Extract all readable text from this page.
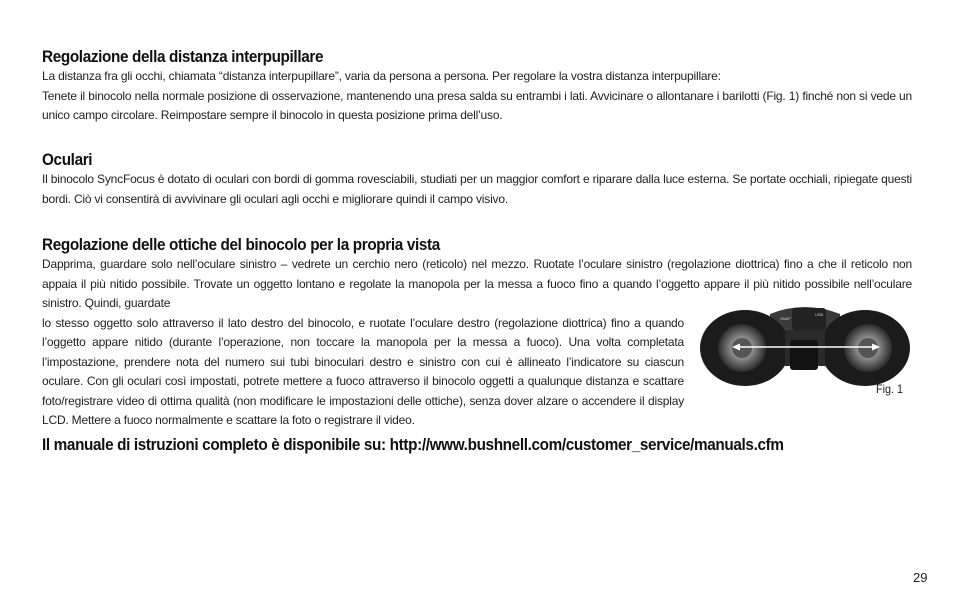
Regolazione della distanza interpupillare

La distanza fra gli occhi, chiamata “distanza interpupillare”, varia da persona a persona. Per regolare la vostra distanza interpupillare:

Tenete il binocolo nella normale posizione di osservazione, mantenendo una presa salda su entrambi i lati. Avvicinare o allontanare i barilotti (Fig. 1) finché non si vede un unico campo circolare. Reimpostare sempre il binocolo in questa posizione prima dell’uso.

Oculari

Il binocolo SyncFocus è dotato di oculari con bordi di gomma rovesciabili, studiati per un maggior comfort e riparare dalla luce esterna. Se portate occhiali, ripiegate questi bordi. Ciò vi consentirà di avvivinare gli oculari agli occhi e migliorare quindi il campo visivo.

Regolazione delle ottiche del binocolo per la propria vista

Dapprima, guardare solo nell’oculare sinistro – vedrete un cerchio nero (reticolo) nel mezzo. Ruotate l’oculare sinistro (regolazione diottrica) fino a che il reticolo non appaia il più nitido possibile. Trovate un oggetto lontano e regolate la manopola per la messa a fuoco fino a quando l’oggetto appare il più nitido possibile nell’oculare sinistro. Quindi, guardate

lo stesso oggetto solo attraverso il lato destro del binocolo, e ruotate l’oculare destro (regolazione diottrica) fino a quando l’oggetto appare nitido (durante l’operazione, non toccare la manopola per la messa a fuoco). Una volta completata l’impostazione, prendere nota del numero sui tubi binoculari destro e sinistro con cui è allineato l’indicatore su ciascun oculare. Con gli oculari così impostati, potrete mettere a fuoco attraverso il binocolo oggetti a qualunque distanza e scattare foto/registrare video di ottima qualità (non modificare le impostazioni delle ottiche), senza dover alzare o accendere il display LCD. Mettere a fuoco normalmente e scattare la foto o registrare il video.

SNAP
USB
Fig. 1
Il manuale di istruzioni completo è disponibile su: http://www.bushnell.com/customer_service/manuals.cfm
29
